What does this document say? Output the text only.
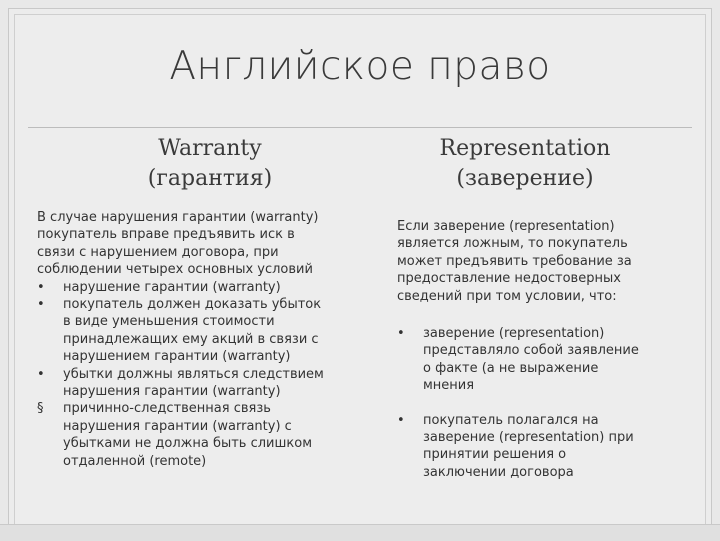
Английское право
Warranty
(гарантия)
Representation
(заверение)
В случае нарушения гарантии (warranty)
покупатель вправе предъявить иск в
связи с нарушением договора, при
соблюдении четырех основных условий
•	нарушение гарантии (warranty)
•	покупатель должен доказать убыток
в виде уменьшения стоимости
принадлежащих ему акций в связи с
нарушением гарантии (warranty)
•	убытки должны являться следствием
нарушения гарантии (warranty)
§	причинно-следственная связь
нарушения гарантии (warranty) с
убытками не должна быть слишком
отдаленной (remote)
Если заверение (representation)
является ложным, то покупатель
может предъявить требование за
предоставление недостоверных
сведений при том условии, что:
•	заверение (representation)
представляло собой заявление
о факте (а не выражение
мнения
•	покупатель полагался на
заверение (representation) при
принятии решения о
заключении договора
